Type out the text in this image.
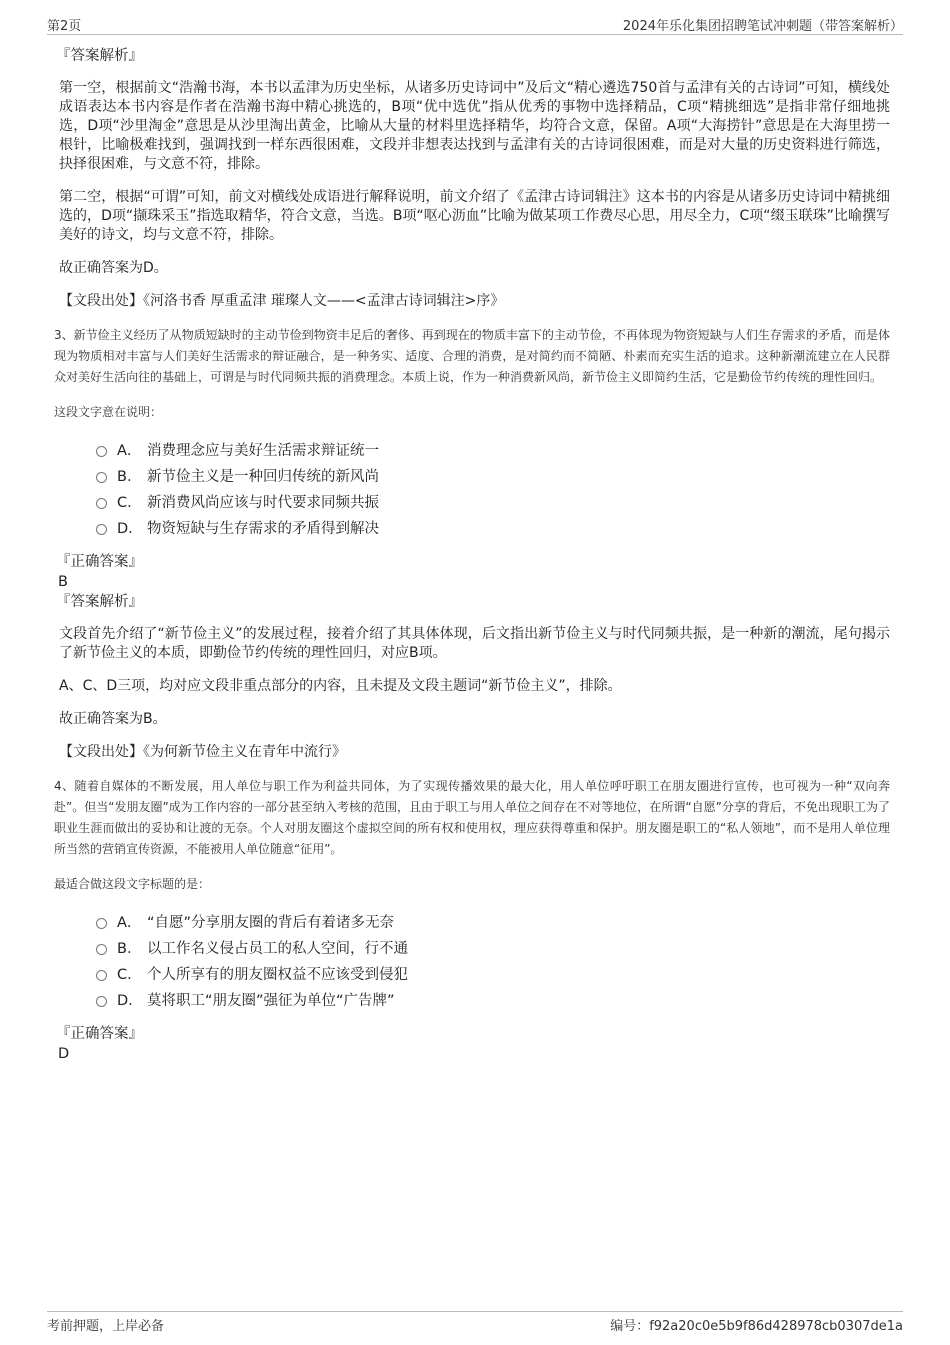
第2页	2024年乐化集团招聘笔试冲刺题（带答案解析）

『答案解析』

第一空，根据前文“浩瀚书海，本书以孟津为历史坐标，从诸多历史诗词中”及后文“精心遴选750首与孟津有关的古诗词”可知，横线处成语表达本书内容是作者在浩瀚书海中精心挑选的，B项“优中选优”指从优秀的事物中选择精品，C项“精挑细选”是指非常仔细地挑选，D项“沙里淘金”意思是从沙里淘出黄金，比喻从大量的材料里选择精华，均符合文意，保留。A项“大海捞针”意思是在大海里捞一根针，比喻极难找到，强调找到一样东西很困难，文段并非想表达找到与孟津有关的古诗词很困难，而是对大量的历史资料进行筛选，抉择很困难，与文意不符，排除。

第二空，根据“可谓”可知，前文对横线处成语进行解释说明，前文介绍了《孟津古诗词辑注》这本书的内容是从诸多历史诗词中精挑细选的，D项“撷珠采玉”指选取精华，符合文意，当选。B项“呕心沥血”比喻为做某项工作费尽心思，用尽全力，C项“缀玉联珠”比喻撰写美好的诗文，均与文意不符，排除。

故正确答案为D。

【文段出处】《河洛书香 厚重孟津 璀璨人文——<孟津古诗词辑注>序》

3、新节俭主义经历了从物质短缺时的主动节俭到物资丰足后的奢侈、再到现在的物质丰富下的主动节俭，不再体现为物资短缺与人们生存需求的矛盾，而是体现为物质相对丰富与人们美好生活需求的辩证融合，是一种务实、适度、合理的消费，是对简约而不简陋、朴素而充实生活的追求。这种新潮流建立在人民群众对美好生活向往的基础上，可谓是与时代同频共振的消费理念。本质上说，作为一种消费新风尚，新节俭主义即简约生活，它是勤俭节约传统的理性回归。

这段文字意在说明：

A． 消费理念应与美好生活需求辩证统一
B． 新节俭主义是一种回归传统的新风尚
C． 新消费风尚应该与时代要求同频共振
D． 物资短缺与生存需求的矛盾得到解决

『正确答案』

B

『答案解析』

文段首先介绍了“新节俭主义”的发展过程，接着介绍了其具体体现，后文指出新节俭主义与时代同频共振，是一种新的潮流，尾句揭示了新节俭主义的本质，即勤俭节约传统的理性回归，对应B项。

A、C、D三项，均对应文段非重点部分的内容，且未提及文段主题词“新节俭主义”，排除。

故正确答案为B。

【文段出处】《为何新节俭主义在青年中流行》

4、随着自媒体的不断发展，用人单位与职工作为利益共同体，为了实现传播效果的最大化，用人单位呼吁职工在朋友圈进行宣传，也可视为一种“双向奔赴”。但当“发朋友圈”成为工作内容的一部分甚至纳入考核的范围，且由于职工与用人单位之间存在不对等地位，在所谓“自愿”分享的背后，不免出现职工为了职业生涯而做出的妥协和让渡的无奈。个人对朋友圈这个虚拟空间的所有权和使用权，理应获得尊重和保护。朋友圈是职工的“私人领地”，而不是用人单位理所当然的营销宣传资源，不能被用人单位随意“征用”。

最适合做这段文字标题的是：

A． “自愿”分享朋友圈的背后有着诸多无奈
B． 以工作名义侵占员工的私人空间，行不通
C． 个人所享有的朋友圈权益不应该受到侵犯
D． 莫将职工“朋友圈”强征为单位“广告牌”

『正确答案』

D

考前押题，上岸必备	编号：f92a20c0e5b9f86d428978cb0307de1a
